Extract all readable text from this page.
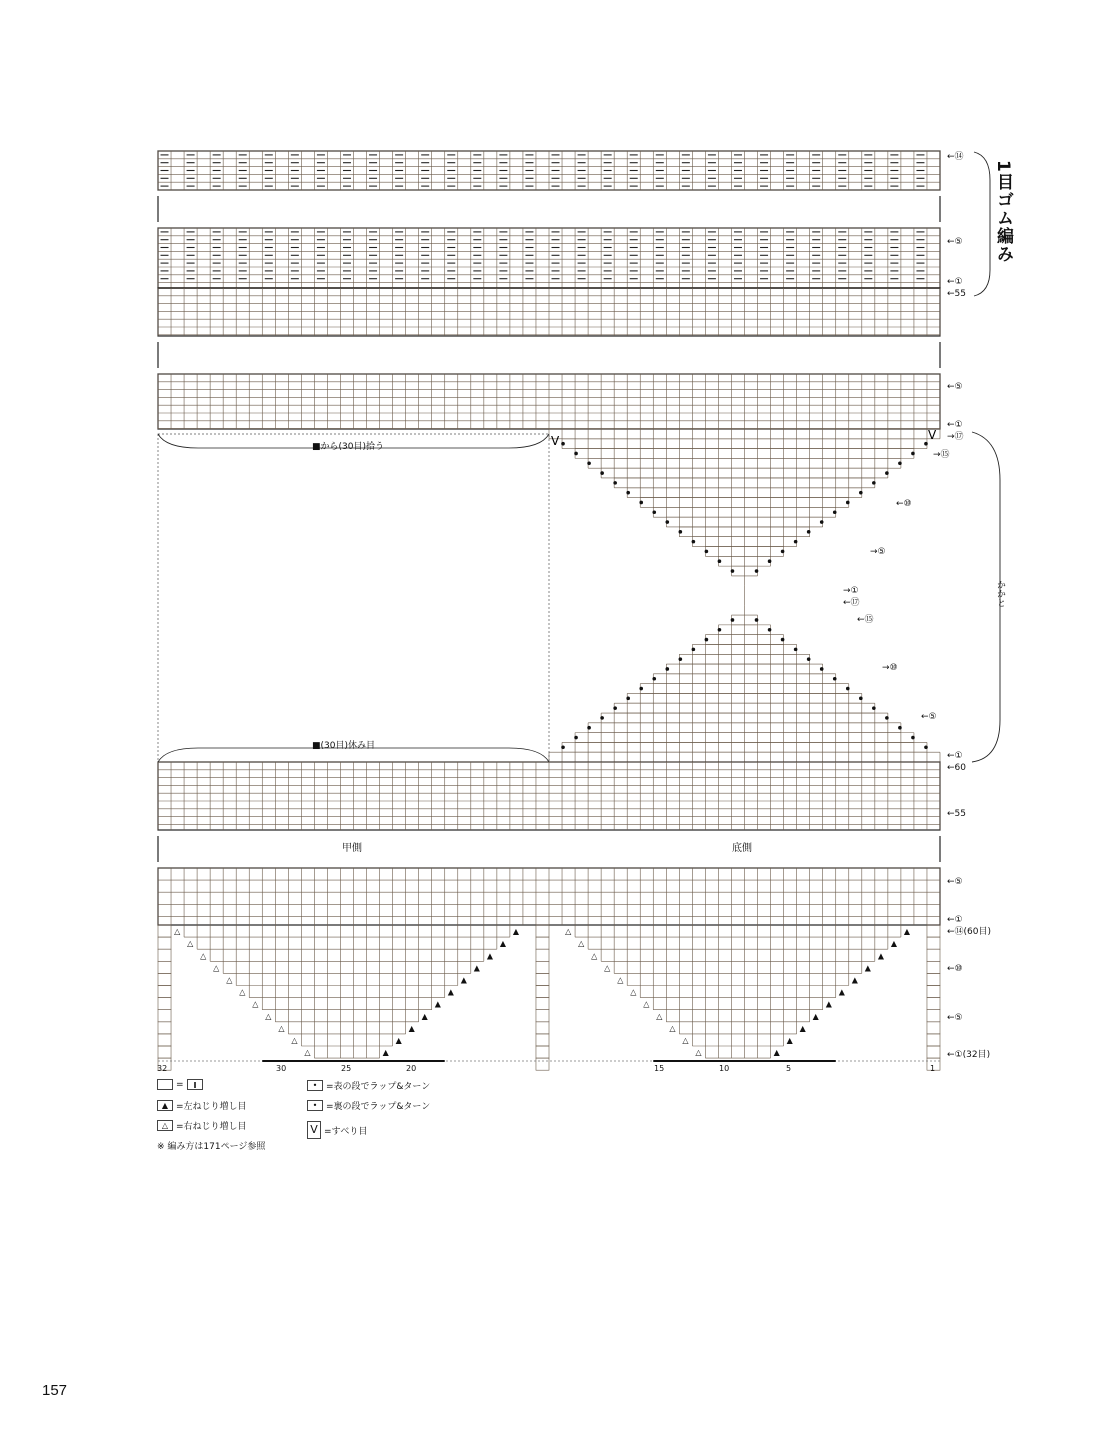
V	V
△	▲
△	▲
△	▲
△	▲
△	▲
△	▲
△	▲
△	▲
△	▲
△	▲
△	▲
△	▲
△	▲
△	▲
△	▲
△	▲
△	▲
△	▲
△	▲
△	▲
△	▲
△	▲
1目ゴム編み
かかと
■から(30目)拾う
■(30目)休み目
甲側	底側
←⑭
←⑤
←①
←55
←⑤
←①
→⑰
→⑮
←⑩
→⑤
→①
←⑰
←⑮
→⑩
←⑤
←①
←60
←55
←⑤
←①
←⑭(60目)
←⑩
←⑤
←①(32目)
32	30	25	20	15	10	5	1
=
▲ =左ねじり増し目
△ =右ねじり増し目
※ 編み方は171ページ参照
• =表の段でラップ&ターン
• =裏の段でラップ&ターン
V =すべり目
157
